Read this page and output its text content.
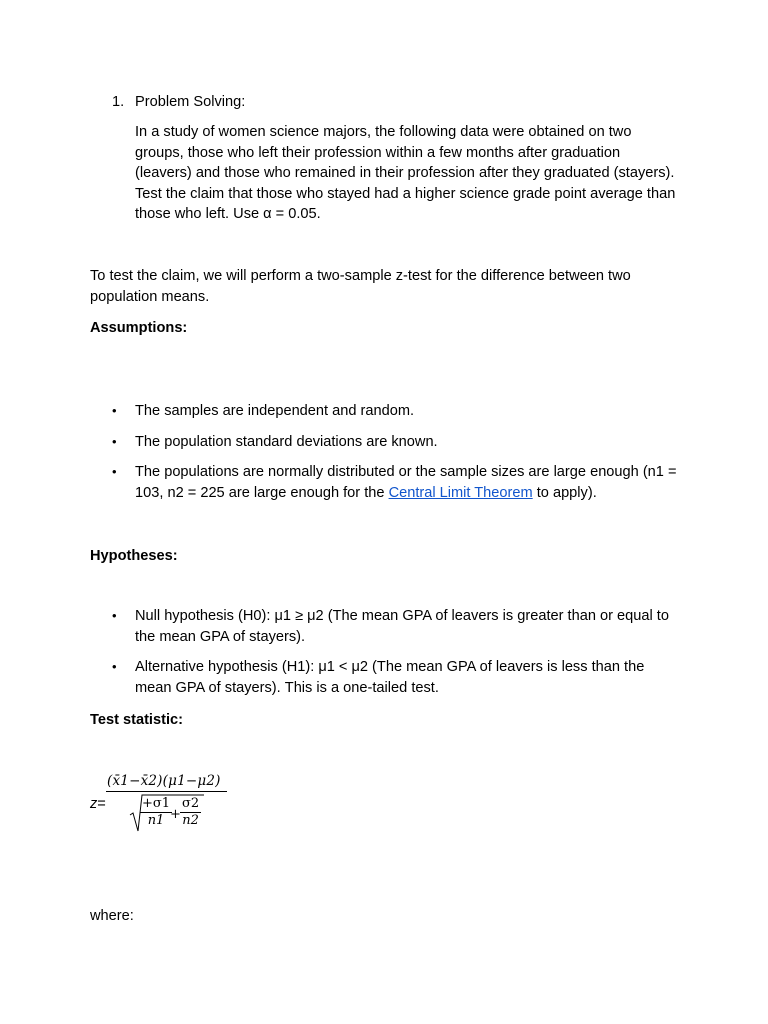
1. Problem Solving:

In a study of women science majors, the following data were obtained on two groups, those who left their profession within a few months after graduation (leavers) and those who remained in their profession after they graduated (stayers). Test the claim that those who stayed had a higher science grade point average than those who left. Use α = 0.05.

To test the claim, we will perform a two-sample z-test for the difference between two population means.

Assumptions:

• The samples are independent and random.
• The population standard deviations are known.
• The populations are normally distributed or the sample sizes are large enough (n1 = 103, n2 = 225 are large enough for the Central Limit Theorem to apply).

Hypotheses:

• Null hypothesis (H0): μ1 ≥ μ2 (The mean GPA of leavers is greater than or equal to the mean GPA of stayers).
• Alternative hypothesis (H1): μ1 < μ2 (The mean GPA of leavers is less than the mean GPA of stayers). This is a one-tailed test.

Test statistic:

z=
(x̄1−x̄2)(μ1−μ2)
$\frac{+\sigma 1}{n1}$
+ $\frac{\sigma 2}{n2}$

where:
